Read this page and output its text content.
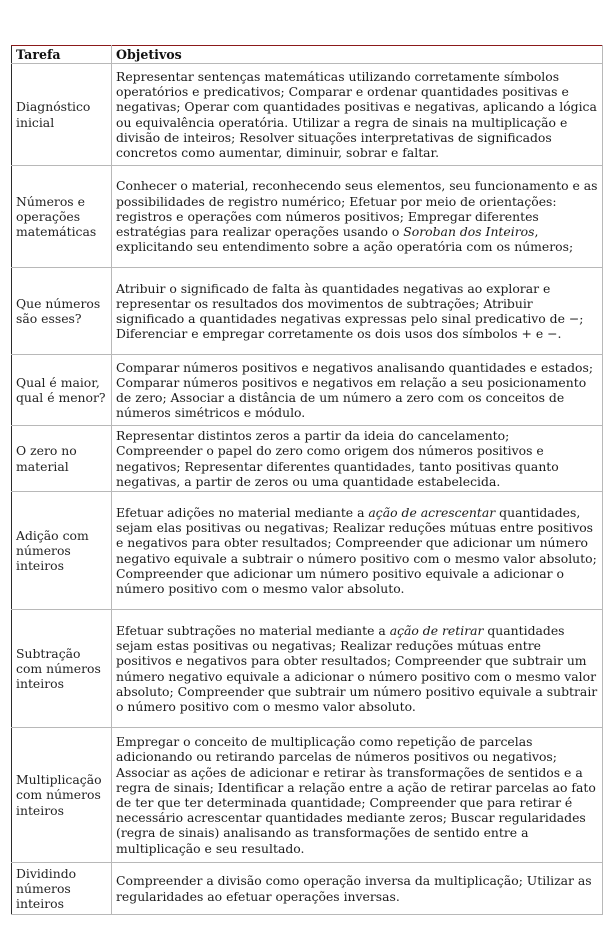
Tarefa	Objetivos
Diagnóstico inicial	Representar sentenças matemáticas utilizando corretamente símbolos operatórios e predicativos; Comparar e ordenar quantidades positivas e negativas; Operar com quantidades positivas e negativas, aplicando a lógica ou equivalência operatória. Utilizar a regra de sinais na multiplicação e divisão de inteiros; Resolver situações interpretativas de significados concretos como aumentar, diminuir, sobrar e faltar.
Números e operações matemáticas	Conhecer o material, reconhecendo seus elementos, seu funcionamento e as possibilidades de registro numérico; Efetuar por meio de orientações: registros e operações com números positivos; Empregar diferentes estratégias para realizar operações usando o Soroban dos Inteiros, explicitando seu entendimento sobre a ação operatória com os números;
Que números são esses?	Atribuir o significado de falta às quantidades negativas ao explorar e representar os resultados dos movimentos de subtrações; Atribuir significado a quantidades negativas expressas pelo sinal predicativo de −; Diferenciar e empregar corretamente os dois usos dos símbolos + e −.
Qual é maior, qual é menor?	Comparar números positivos e negativos analisando quantidades e estados; Comparar números positivos e negativos em relação a seu posicionamento de zero; Associar a distância de um número a zero com os conceitos de números simétricos e módulo.
O zero no material	Representar distintos zeros a partir da ideia do cancelamento; Compreender o papel do zero como origem dos números positivos e negativos; Representar diferentes quantidades, tanto positivas quanto negativas, a partir de zeros ou uma quantidade estabelecida.
Adição com números inteiros	Efetuar adições no material mediante a ação de acrescentar quantidades, sejam elas positivas ou negativas; Realizar reduções mútuas entre positivos e negativos para obter resultados; Compreender que adicionar um número negativo equivale a subtrair o número positivo com o mesmo valor absoluto; Compreender que adicionar um número positivo equivale a adicionar o número positivo com o mesmo valor absoluto.
Subtração com números inteiros	Efetuar subtrações no material mediante a ação de retirar quantidades sejam estas positivas ou negativas; Realizar reduções mútuas entre positivos e negativos para obter resultados; Compreender que subtrair um número negativo equivale a adicionar o número positivo com o mesmo valor absoluto; Compreender que subtrair um número positivo equivale a subtrair o número positivo com o mesmo valor absoluto.
Multiplicação com números inteiros	Empregar o conceito de multiplicação como repetição de parcelas adicionando ou retirando parcelas de números positivos ou negativos; Associar as ações de adicionar e retirar às transformações de sentidos e a regra de sinais; Identificar a relação entre a ação de retirar parcelas ao fato de ter que ter determinada quantidade; Compreender que para retirar é necessário acrescentar quantidades mediante zeros; Buscar regularidades (regra de sinais) analisando as transformações de sentido entre a multiplicação e seu resultado.
Dividindo números inteiros	Compreender a divisão como operação inversa da multiplicação; Utilizar as regularidades ao efetuar operações inversas.
